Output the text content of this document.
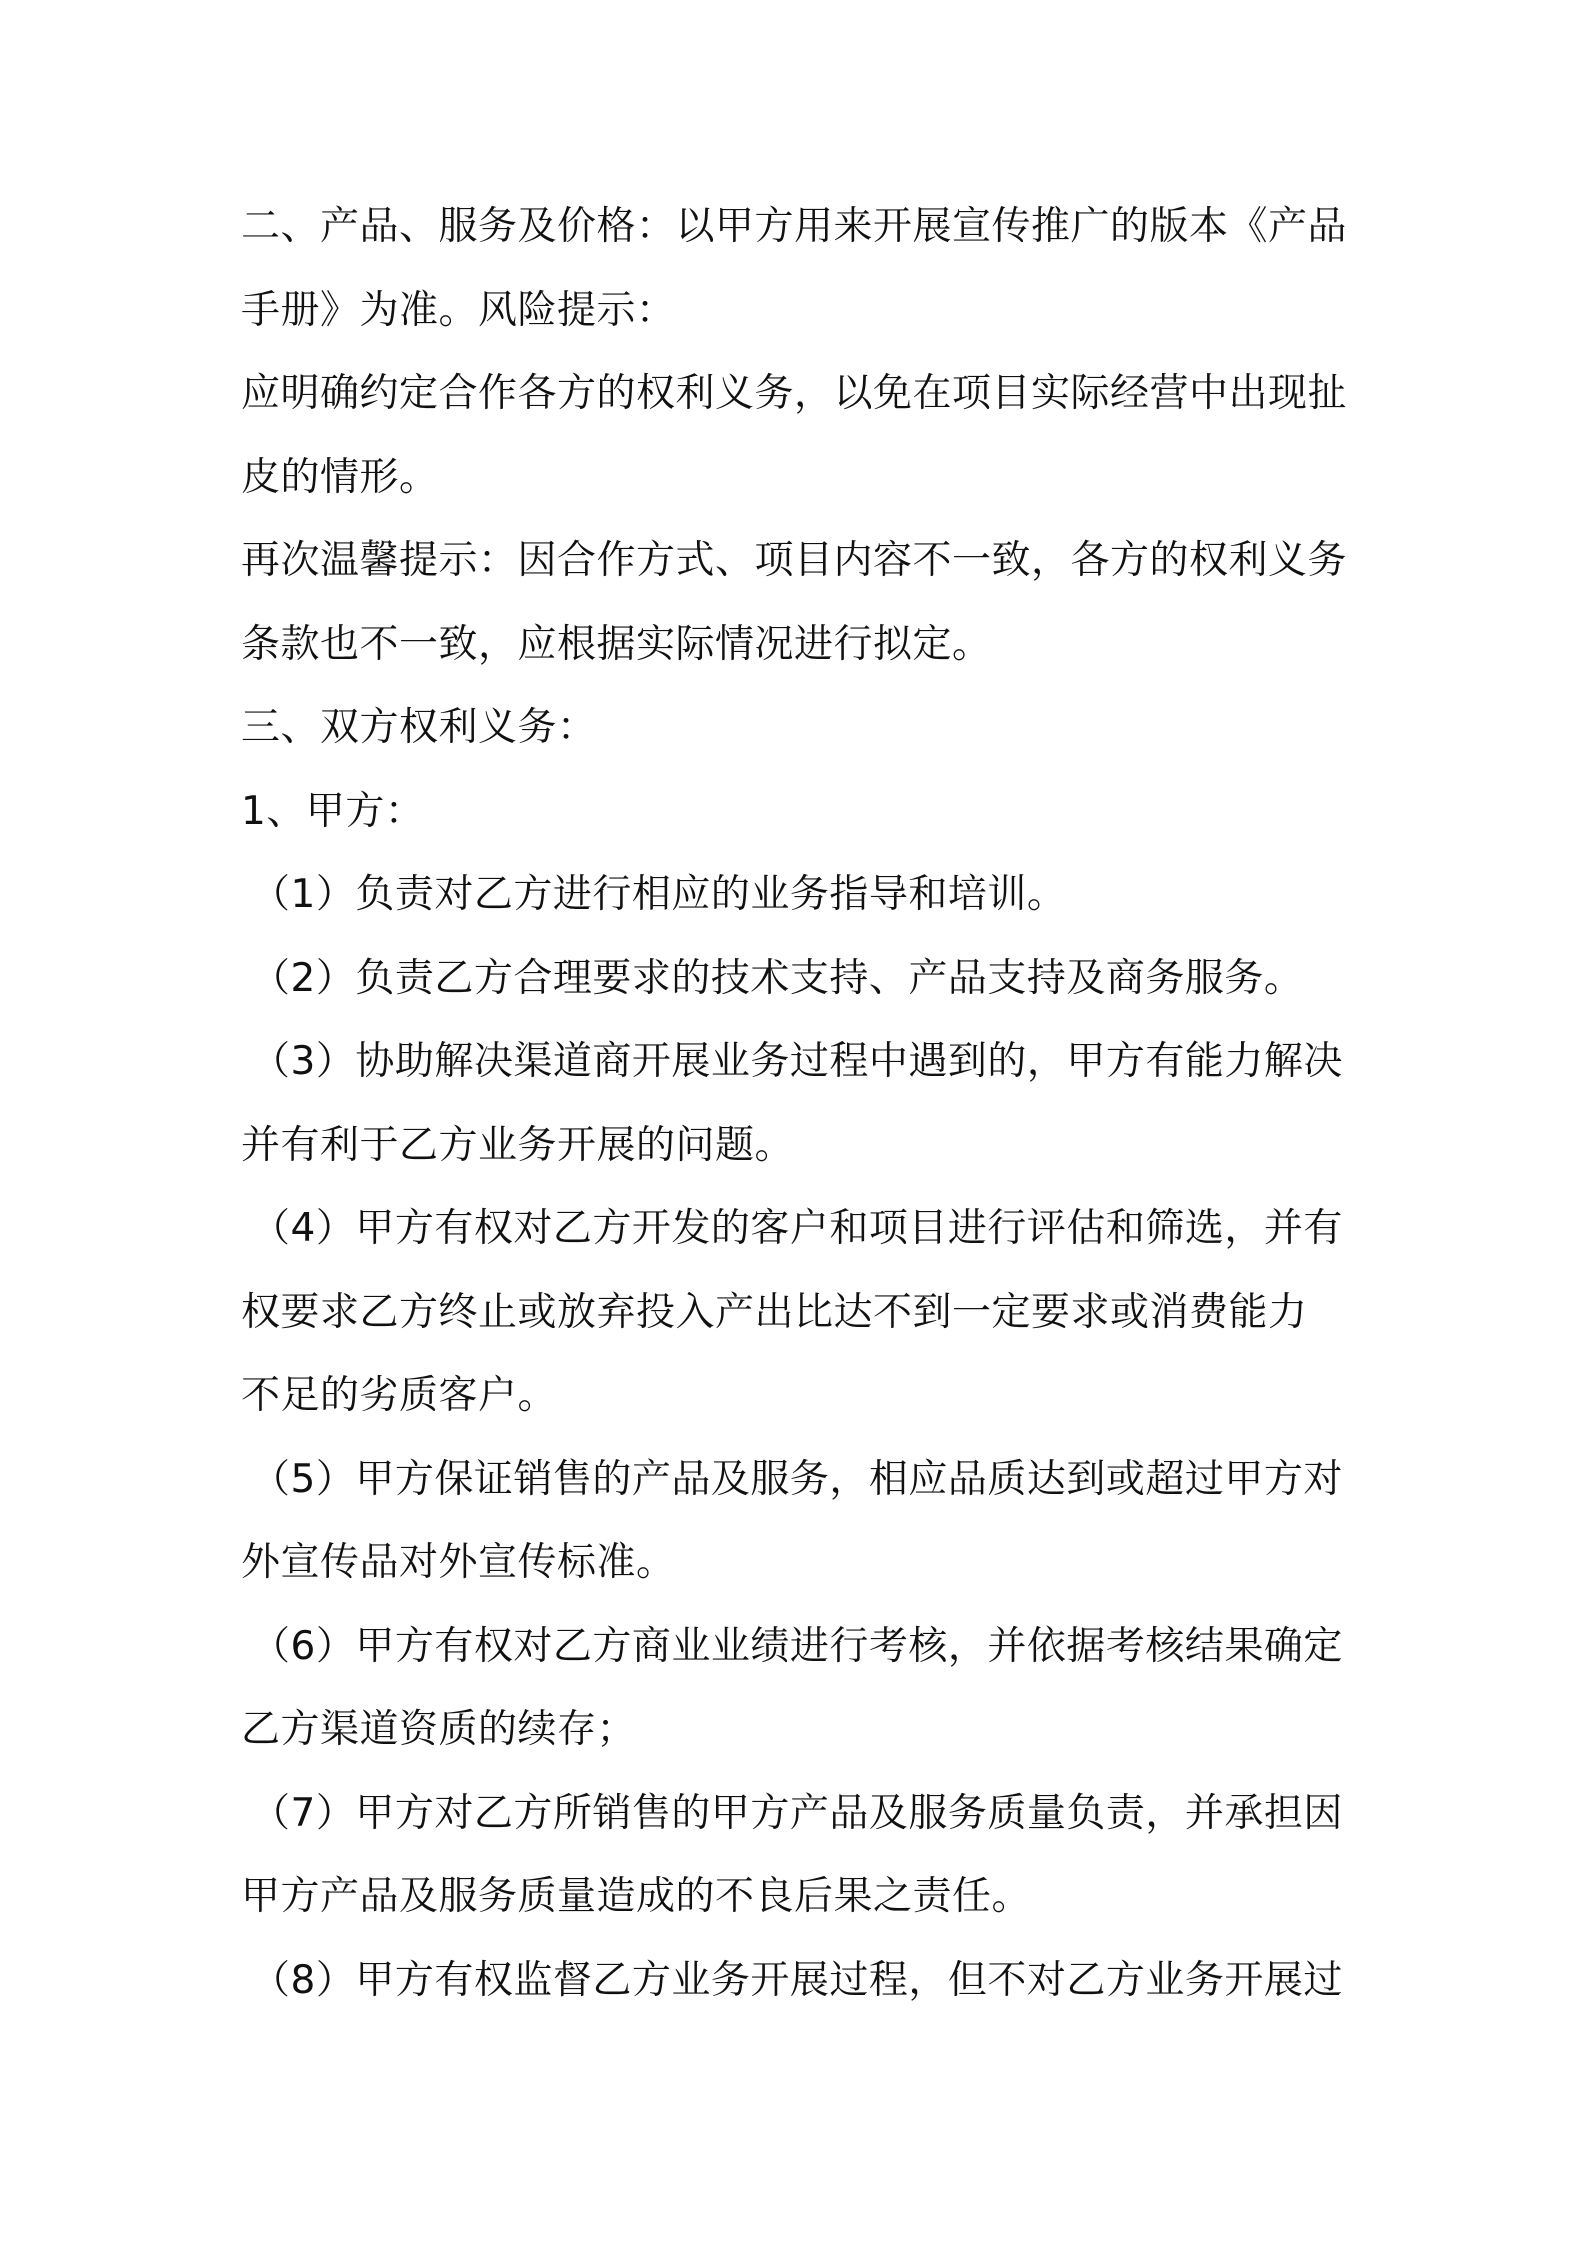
二、产品、服务及价格：以甲方用来开展宣传推广的版本《产品
手册》为准。风险提示：

应明确约定合作各方的权利义务，以免在项目实际经营中出现扯
皮的情形。

再次温馨提示：因合作方式、项目内容不一致，各方的权利义务
条款也不一致，应根据实际情况进行拟定。

三、双方权利义务：

1、甲方：

（1）负责对乙方进行相应的业务指导和培训。

（2）负责乙方合理要求的技术支持、产品支持及商务服务。

（3）协助解决渠道商开展业务过程中遇到的，甲方有能力解决
并有利于乙方业务开展的问题。

（4）甲方有权对乙方开发的客户和项目进行评估和筛选，并有
权要求乙方终止或放弃投入产出比达不到一定要求或消费能力
不足的劣质客户。

（5）甲方保证销售的产品及服务，相应品质达到或超过甲方对
外宣传品对外宣传标准。

（6）甲方有权对乙方商业业绩进行考核，并依据考核结果确定
乙方渠道资质的续存；

（7）甲方对乙方所销售的甲方产品及服务质量负责，并承担因
甲方产品及服务质量造成的不良后果之责任。

（8）甲方有权监督乙方业务开展过程，但不对乙方业务开展过
